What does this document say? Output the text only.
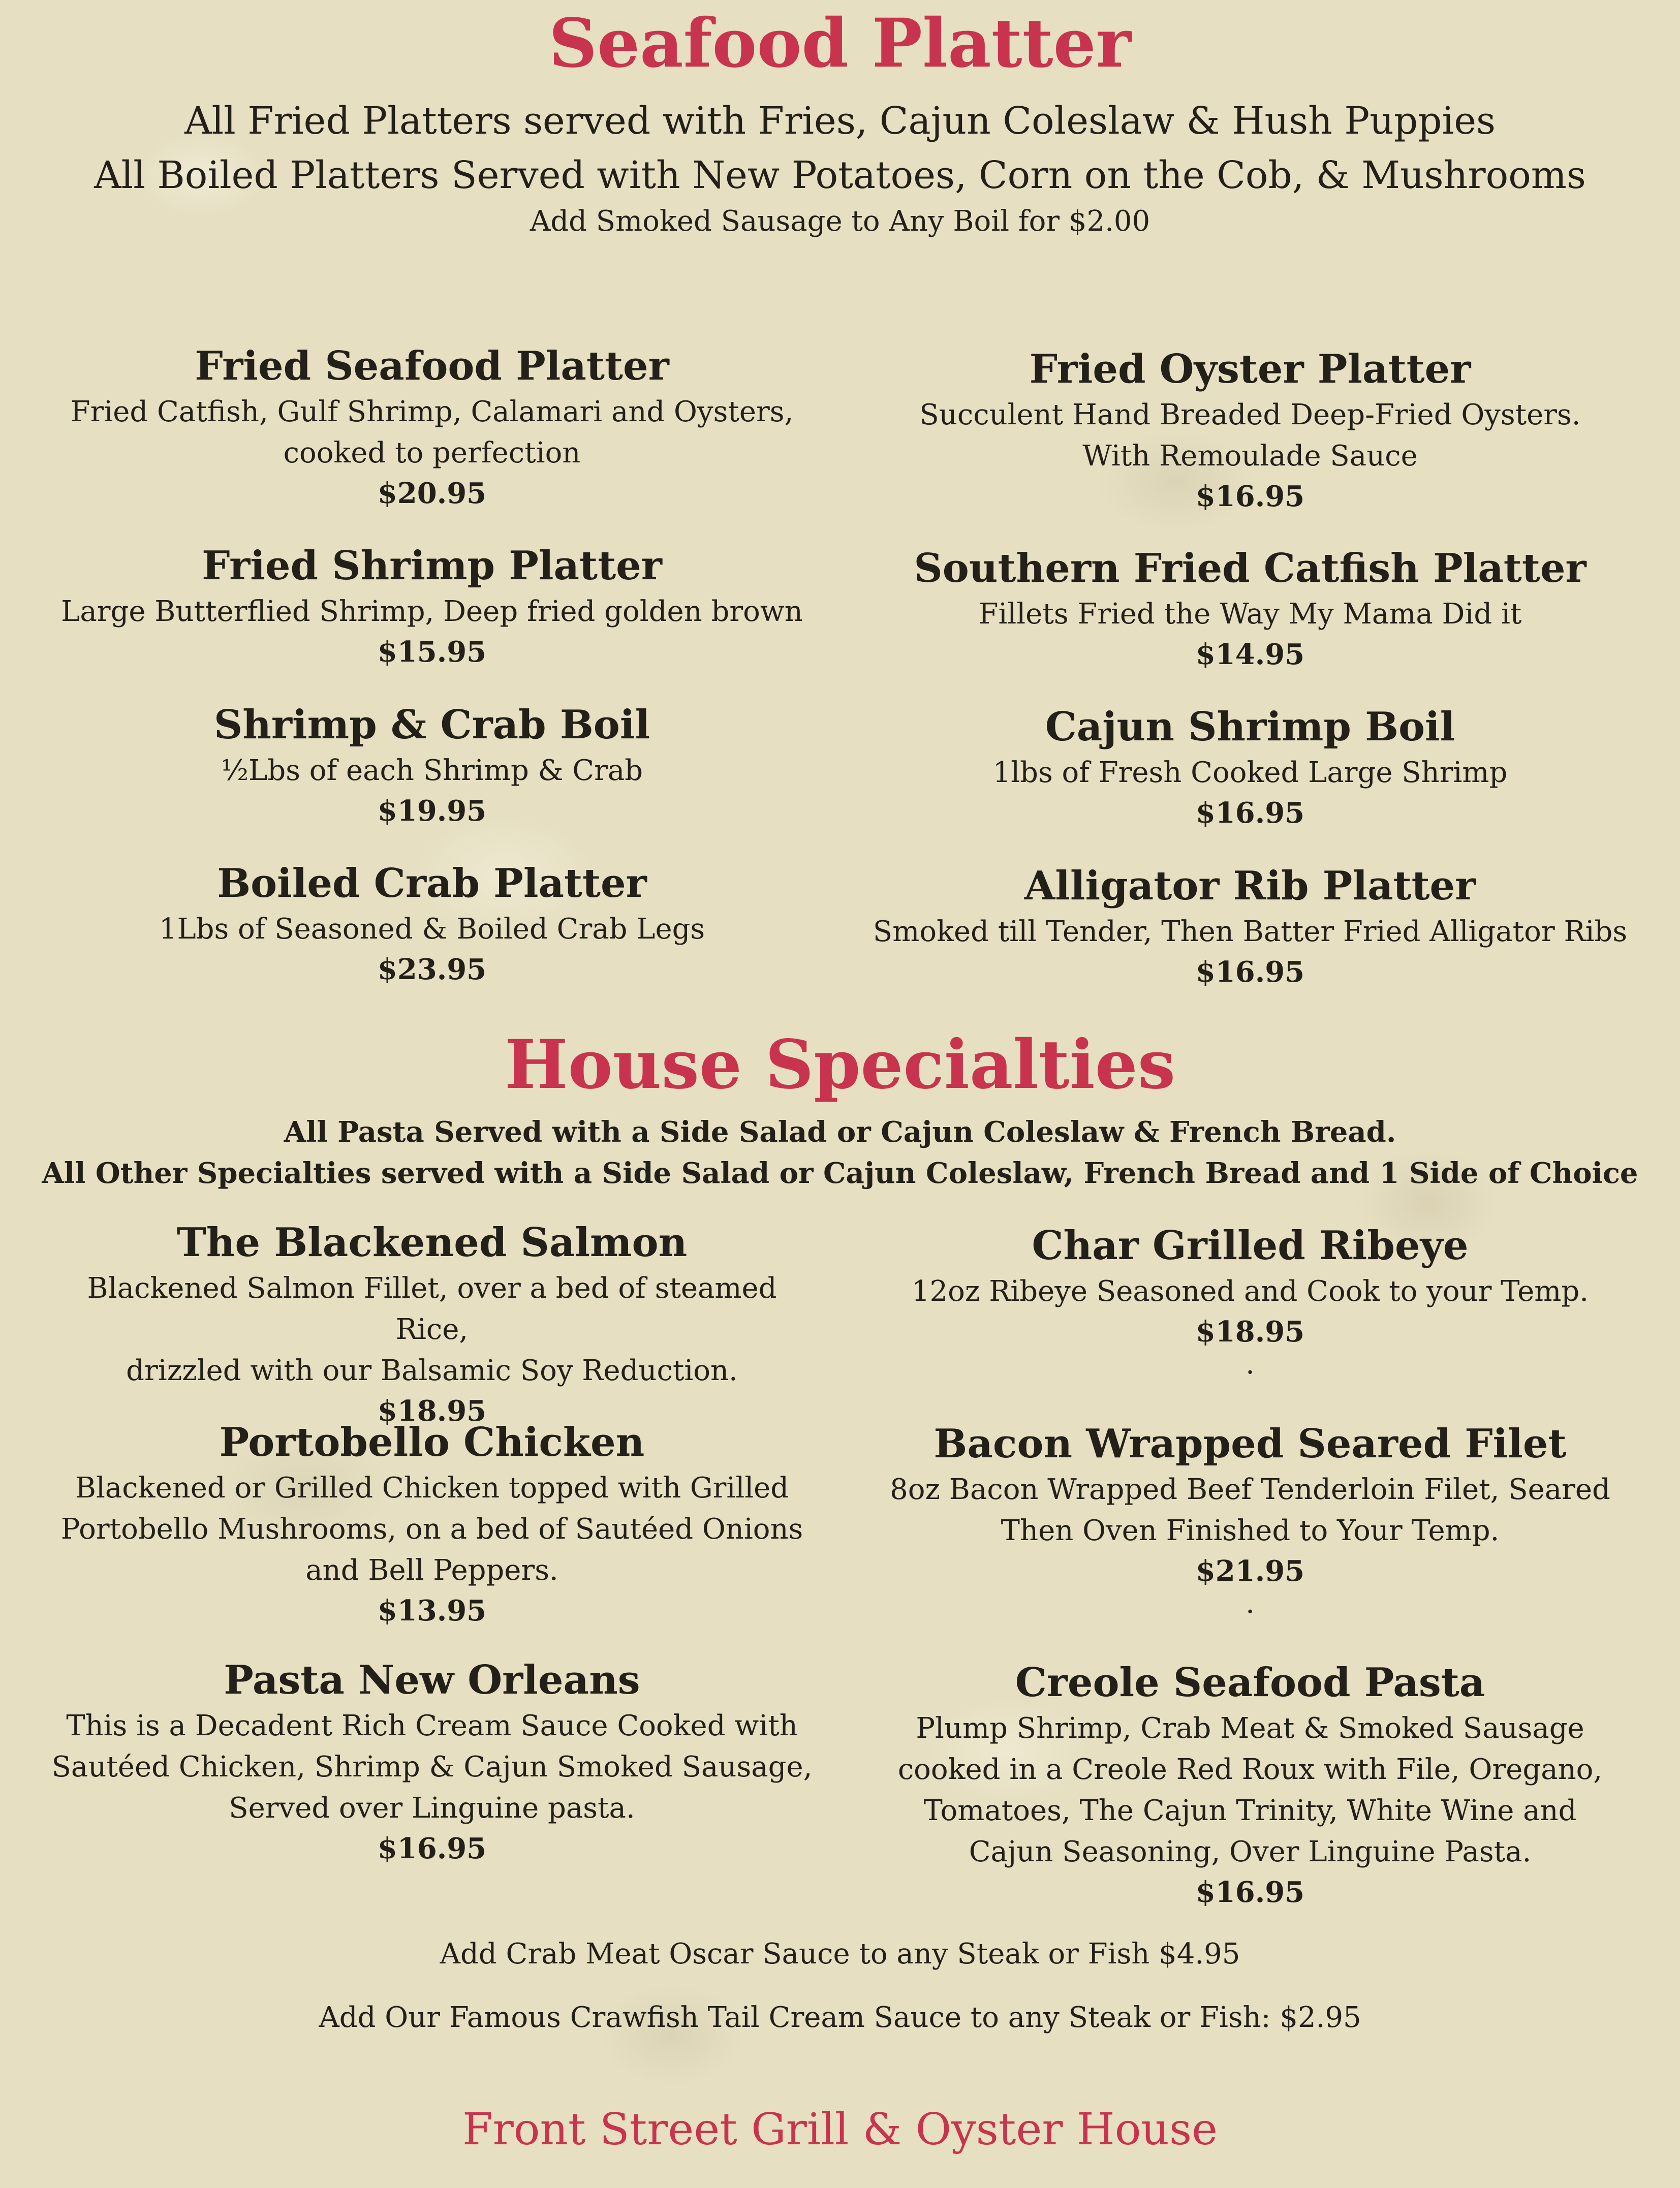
Seafood Platter

All Fried Platters served with Fries, Cajun Coleslaw & Hush Puppies

All Boiled Platters Served with New Potatoes, Corn on the Cob, & Mushrooms

Add Smoked Sausage to Any Boil for $2.00

Fried Seafood Platter
Fried Catfish, Gulf Shrimp, Calamari and Oysters,
cooked to perfection
$20.95
Fried Oyster Platter
Succulent Hand Breaded Deep-Fried Oysters.
With Remoulade Sauce
$16.95
Fried Shrimp Platter
Large Butterflied Shrimp, Deep fried golden brown
$15.95
Southern Fried Catfish Platter
Fillets Fried the Way My Mama Did it
$14.95
Shrimp & Crab Boil
½Lbs of each Shrimp & Crab
$19.95
Cajun Shrimp Boil
1lbs of Fresh Cooked Large Shrimp
$16.95
Boiled Crab Platter
1Lbs of Seasoned & Boiled Crab Legs
$23.95
Alligator Rib Platter
Smoked till Tender, Then Batter Fried Alligator Ribs
$16.95
House Specialties

All Pasta Served with a Side Salad or Cajun Coleslaw & French Bread.

All Other Specialties served with a Side Salad or Cajun Coleslaw, French Bread and 1 Side of Choice

The Blackened Salmon
Blackened Salmon Fillet, over a bed of steamed Rice,
drizzled with our Balsamic Soy Reduction.
$18.95
Char Grilled Ribeye
12oz Ribeye Seasoned and Cook to your Temp.
$18.95
.
Portobello Chicken
Blackened or Grilled Chicken topped with Grilled
Portobello Mushrooms, on a bed of Sautéed Onions
and Bell Peppers.
$13.95
Bacon Wrapped Seared Filet
8oz Bacon Wrapped Beef Tenderloin Filet, Seared
Then Oven Finished to Your Temp.
$21.95
.
Pasta New Orleans
This is a Decadent Rich Cream Sauce Cooked with
Sautéed Chicken, Shrimp & Cajun Smoked Sausage,
Served over Linguine pasta.
$16.95
Creole Seafood Pasta
Plump Shrimp, Crab Meat & Smoked Sausage
cooked in a Creole Red Roux with File, Oregano,
Tomatoes, The Cajun Trinity, White Wine and
Cajun Seasoning, Over Linguine Pasta.
$16.95
Add Crab Meat Oscar Sauce to any Steak or Fish $4.95
Add Our Famous Crawfish Tail Cream Sauce to any Steak or Fish: $2.95
Front Street Grill & Oyster House
